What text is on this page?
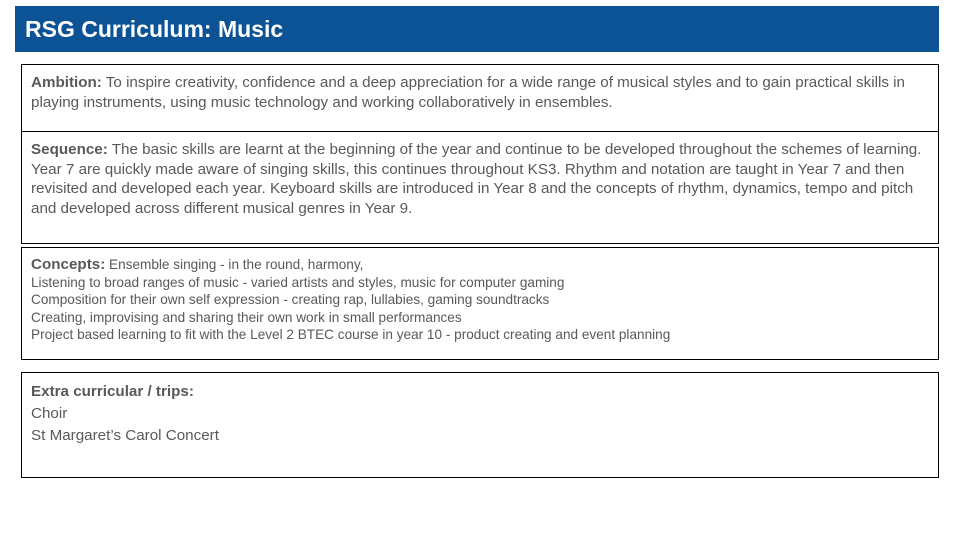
RSG Curriculum: Music
Ambition: To inspire creativity, confidence and a deep appreciation for a wide range of musical styles and to gain practical skills in playing instruments, using music technology and working collaboratively in ensembles.
Sequence: The basic skills are learnt at the beginning of the year and continue to be developed throughout the schemes of learning. Year 7 are quickly made aware of singing skills, this continues throughout KS3. Rhythm and notation are taught in Year 7 and then revisited and developed each year. Keyboard skills are introduced in Year 8 and the concepts of rhythm, dynamics, tempo and pitch and developed across different musical genres in Year 9.
Concepts: Ensemble singing - in the round, harmony,
Listening to broad ranges of music - varied artists and styles, music for computer gaming
Composition for their own self expression - creating rap, lullabies, gaming soundtracks
Creating, improvising and sharing their own work in small performances
Project based learning to fit with the Level 2 BTEC course in year 10 - product creating and event planning
Extra curricular / trips:
Choir
St Margaret’s Carol Concert
